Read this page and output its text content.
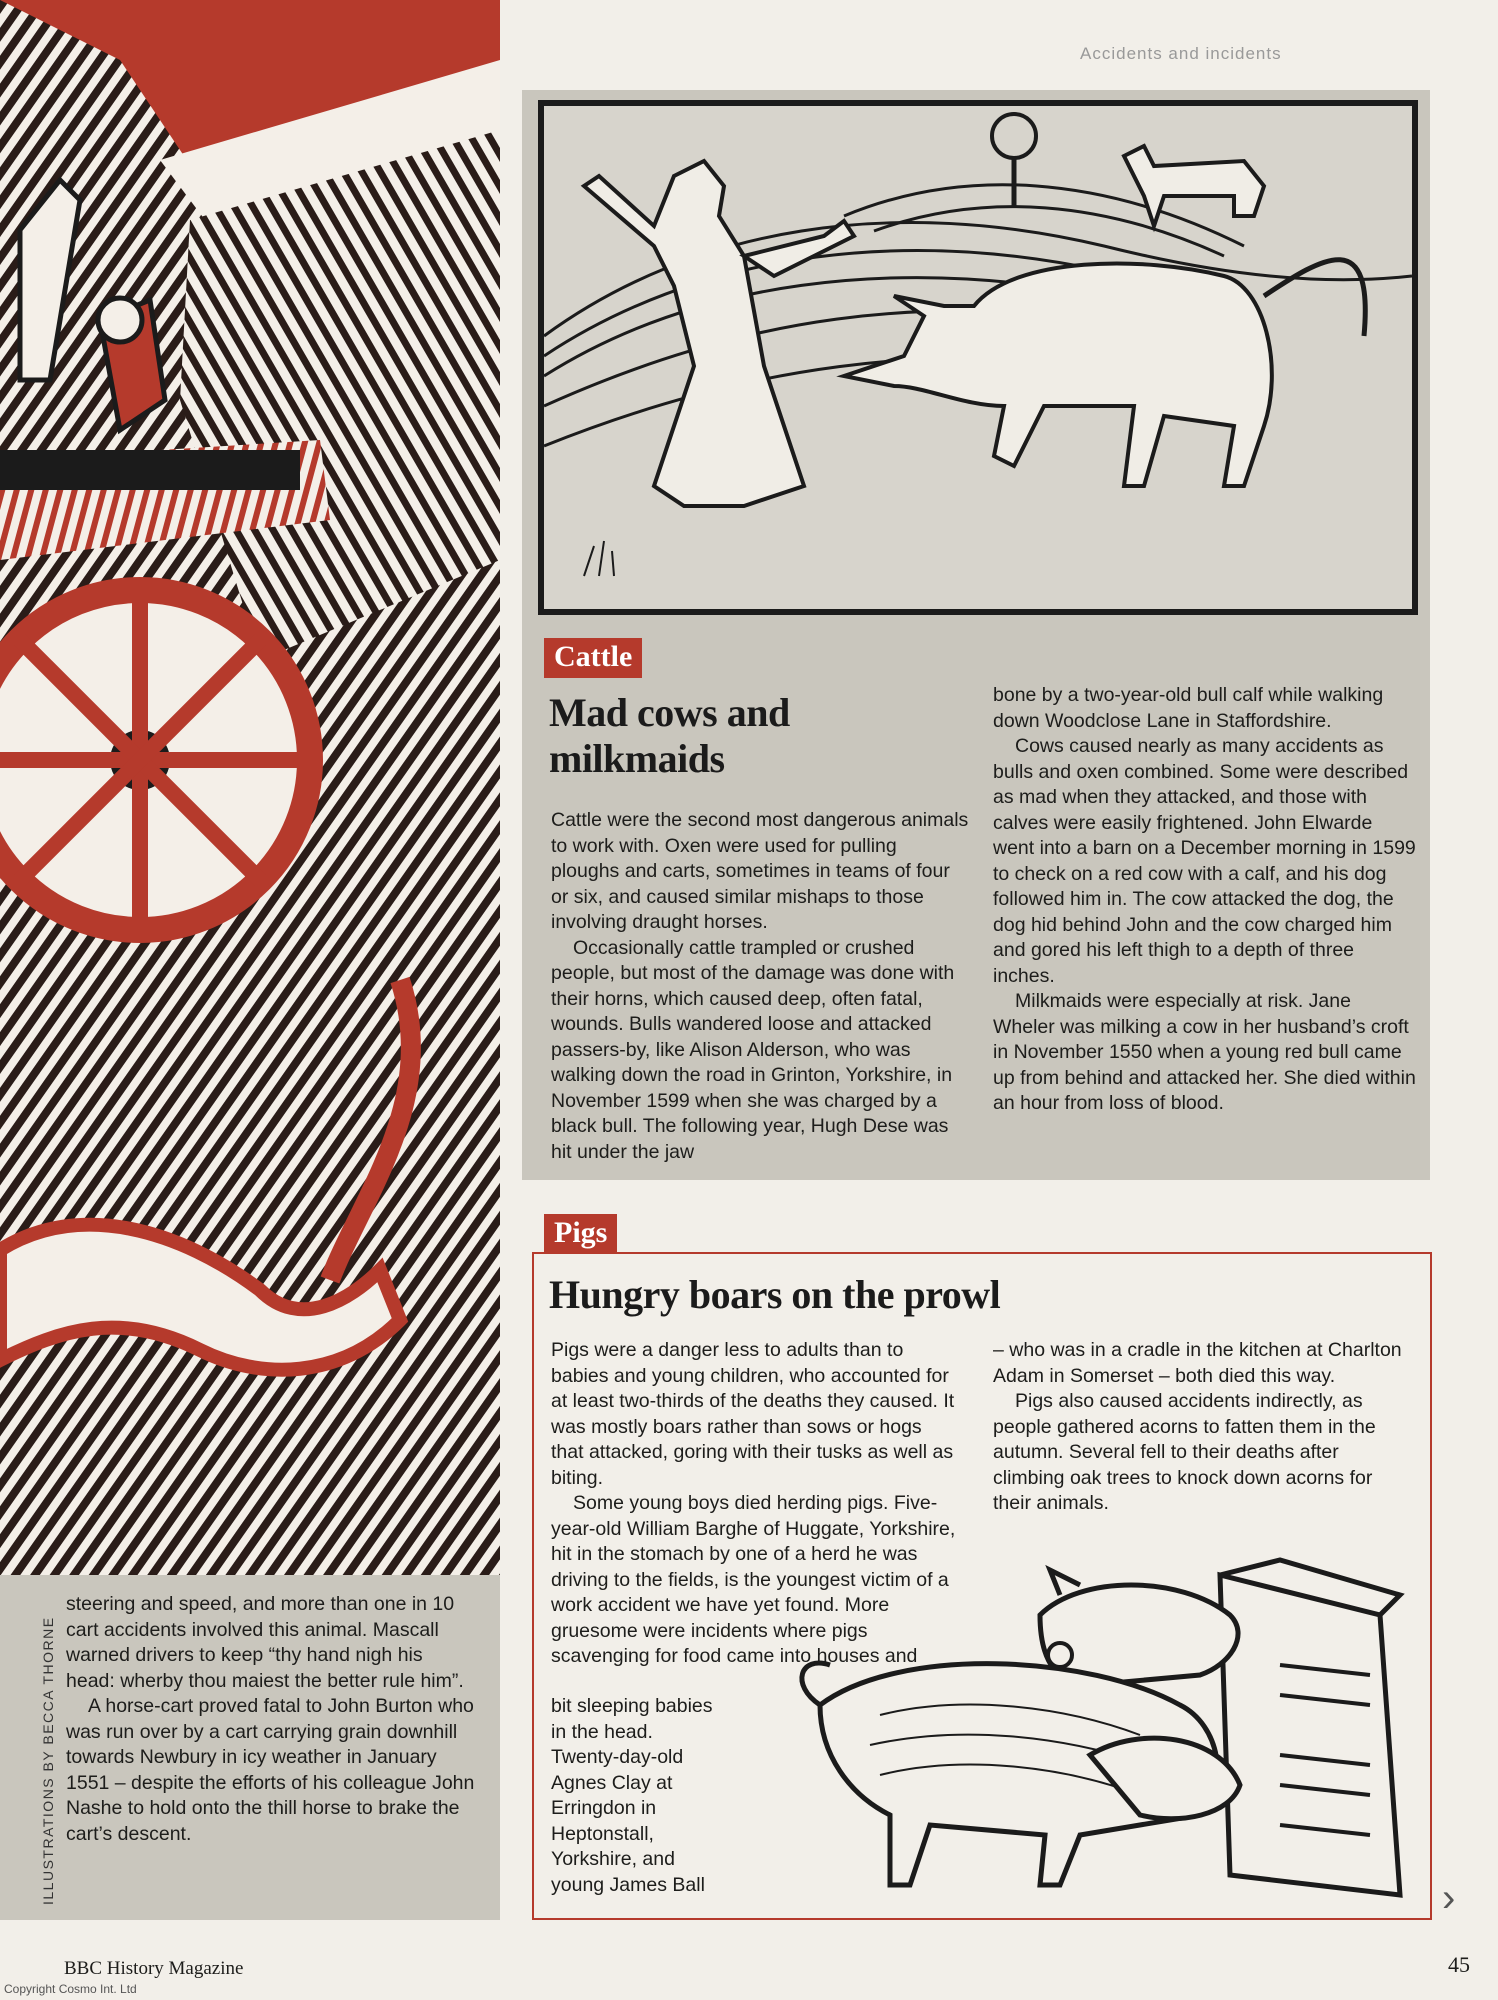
Accidents and incidents

steering and speed, and more than one in 10 cart accidents involved this animal. Mascall warned drivers to keep “thy hand nigh his head: wherby thou maiest the better rule him”.

A horse-cart proved fatal to John Burton who was run over by a cart carrying grain downhill towards Newbury in icy weather in January 1551 – despite the efforts of his colleague John Nashe to hold onto the thill horse to brake the cart’s descent.

ILLUSTRATIONS BY BECCA THORNE
Cattle
Mad cows and
milkmaids

Cattle were the second most dangerous animals to work with. Oxen were used for pulling ploughs and carts, sometimes in teams of four or six, and caused similar mishaps to those involving draught horses.

Occasionally cattle trampled or crushed people, but most of the damage was done with their horns, which caused deep, often fatal, wounds. Bulls wandered loose and attacked passers-by, like Alison Alderson, who was walking down the road in Grinton, Yorkshire, in November 1599 when she was charged by a black bull. The following year, Hugh Dese was hit under the jaw

bone by a two-year-old bull calf while walking down Woodclose Lane in Staffordshire.

Cows caused nearly as many accidents as bulls and oxen combined. Some were described as mad when they attacked, and those with calves were easily frightened. John Elwarde went into a barn on a December morning in 1599 to check on a red cow with a calf, and his dog followed him in. The cow attacked the dog, the dog hid behind John and the cow charged him and gored his left thigh to a depth of three inches.

Milkmaids were especially at risk. Jane Wheler was milking a cow in her husband’s croft in November 1550 when a young red bull came up from behind and attacked her. She died within an hour from loss of blood.

Pigs
Hungry boars on the prowl

Pigs were a danger less to adults than to babies and young children, who accounted for at least two-thirds of the deaths they caused. It was mostly boars rather than sows or hogs that attacked, goring with their tusks as well as biting.

Some young boys died herding pigs. Five-year-old William Barghe of Huggate, Yorkshire, hit in the stomach by one of a herd he was driving to the fields, is the youngest victim of a work accident we have yet found. More gruesome were incidents where pigs scavenging for food came into houses and

bit sleeping babies
in the head.
Twenty-day-old
Agnes Clay at
Erringdon in
Heptonstall,
Yorkshire, and
young James Ball

– who was in a cradle in the kitchen at Charlton Adam in Somerset – both died this way.

Pigs also caused accidents indirectly, as people gathered acorns to fatten them in the autumn. Several fell to their deaths after climbing oak trees to knock down acorns for their animals.

›
BBC History Magazine	45
Copyright Cosmo Int. Ltd
